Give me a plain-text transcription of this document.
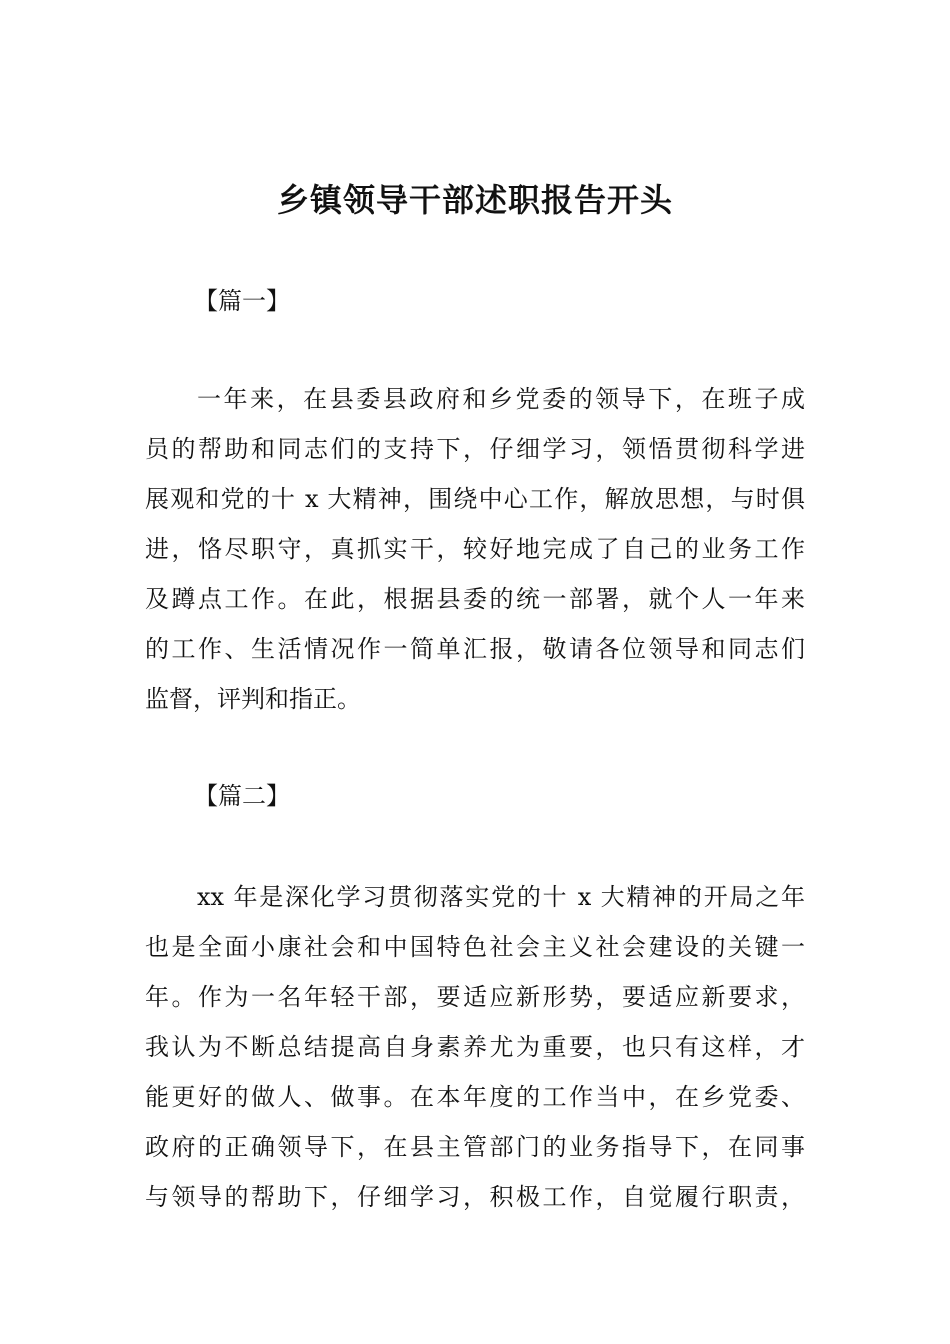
乡镇领导干部述职报告开头

【篇一】

一年来，在县委县政府和乡党委的领导下，在班子成
员的帮助和同志们的支持下，仔细学习，领悟贯彻科学进
展观和党的十 x 大精神，围绕中心工作，解放思想，与时俱
进，恪尽职守，真抓实干，较好地完成了自己的业务工作
及蹲点工作。在此，根据县委的统一部署，就个人一年来
的工作、生活情况作一简单汇报，敬请各位领导和同志们
监督，评判和指正。

【篇二】

xx 年是深化学习贯彻落实党的十 x 大精神的开局之年
也是全面小康社会和中国特色社会主义社会建设的关键一
年。作为一名年轻干部，要适应新形势，要适应新要求，
我认为不断总结提高自身素养尤为重要，也只有这样，才
能更好的做人、做事。在本年度的工作当中，在乡党委、
政府的正确领导下，在县主管部门的业务指导下，在同事
与领导的帮助下，仔细学习，积极工作，自觉履行职责，
